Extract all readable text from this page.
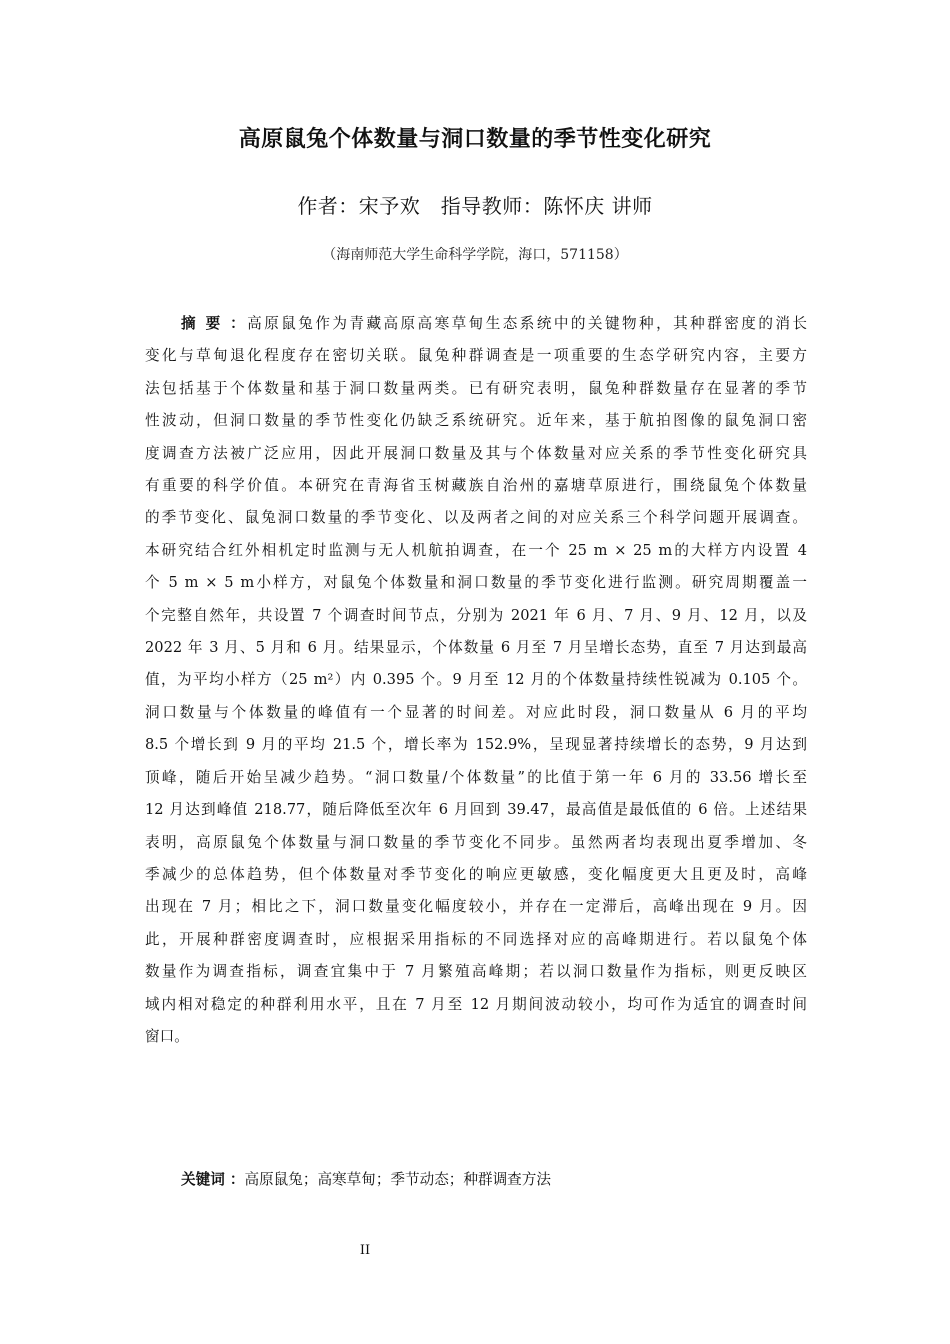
高原鼠兔个体数量与洞口数量的季节性变化研究
作者：宋予欢　指导教师：陈怀庆 讲师
（海南师范大学生命科学学院，海口，571158）
摘 要 ：高原鼠兔作为青藏高原高寒草甸生态系统中的关键物种，其种群密度的消长
变化与草甸退化程度存在密切关联。鼠兔种群调查是一项重要的生态学研究内容，主要方
法包括基于个体数量和基于洞口数量两类。已有研究表明，鼠兔种群数量存在显著的季节
性波动，但洞口数量的季节性变化仍缺乏系统研究。近年来，基于航拍图像的鼠兔洞口密
度调查方法被广泛应用，因此开展洞口数量及其与个体数量对应关系的季节性变化研究具
有重要的科学价值。本研究在青海省玉树藏族自治州的嘉塘草原进行，围绕鼠兔个体数量
的季节变化、鼠兔洞口数量的季节变化、以及两者之间的对应关系三个科学问题开展调查。
本研究结合红外相机定时监测与无人机航拍调查，在一个 25 m × 25 m的大样方内设置 4
个 5 m × 5 m小样方，对鼠兔个体数量和洞口数量的季节变化进行监测。研究周期覆盖一
个完整自然年，共设置 7 个调查时间节点，分别为 2021 年 6 月、7 月、9 月、12 月，以及
2022 年 3 月、5 月和 6 月。结果显示，个体数量 6 月至 7 月呈增长态势，直至 7 月达到最高
值，为平均小样方（25 m²）内 0.395 个。9 月至 12 月的个体数量持续性锐减为 0.105 个。
洞口数量与个体数量的峰值有一个显著的时间差。对应此时段，洞口数量从 6 月的平均
8.5 个增长到 9 月的平均 21.5 个，增长率为 152.9%，呈现显著持续增长的态势，9 月达到
顶峰，随后开始呈减少趋势。“洞口数量/个体数量”的比值于第一年 6 月的 33.56 增长至
12 月达到峰值 218.77，随后降低至次年 6 月回到 39.47，最高值是最低值的 6 倍。上述结果
表明，高原鼠兔个体数量与洞口数量的季节变化不同步。虽然两者均表现出夏季增加、冬
季减少的总体趋势，但个体数量对季节变化的响应更敏感，变化幅度更大且更及时，高峰
出现在 7 月；相比之下，洞口数量变化幅度较小，并存在一定滞后，高峰出现在 9 月。因
此，开展种群密度调查时，应根据采用指标的不同选择对应的高峰期进行。若以鼠兔个体
数量作为调查指标，调查宜集中于 7 月繁殖高峰期；若以洞口数量作为指标，则更反映区
域内相对稳定的种群利用水平，且在 7 月至 12 月期间波动较小，均可作为适宜的调查时间
窗口。
关键词 ：高原鼠兔；高寒草甸；季节动态；种群调查方法
II
